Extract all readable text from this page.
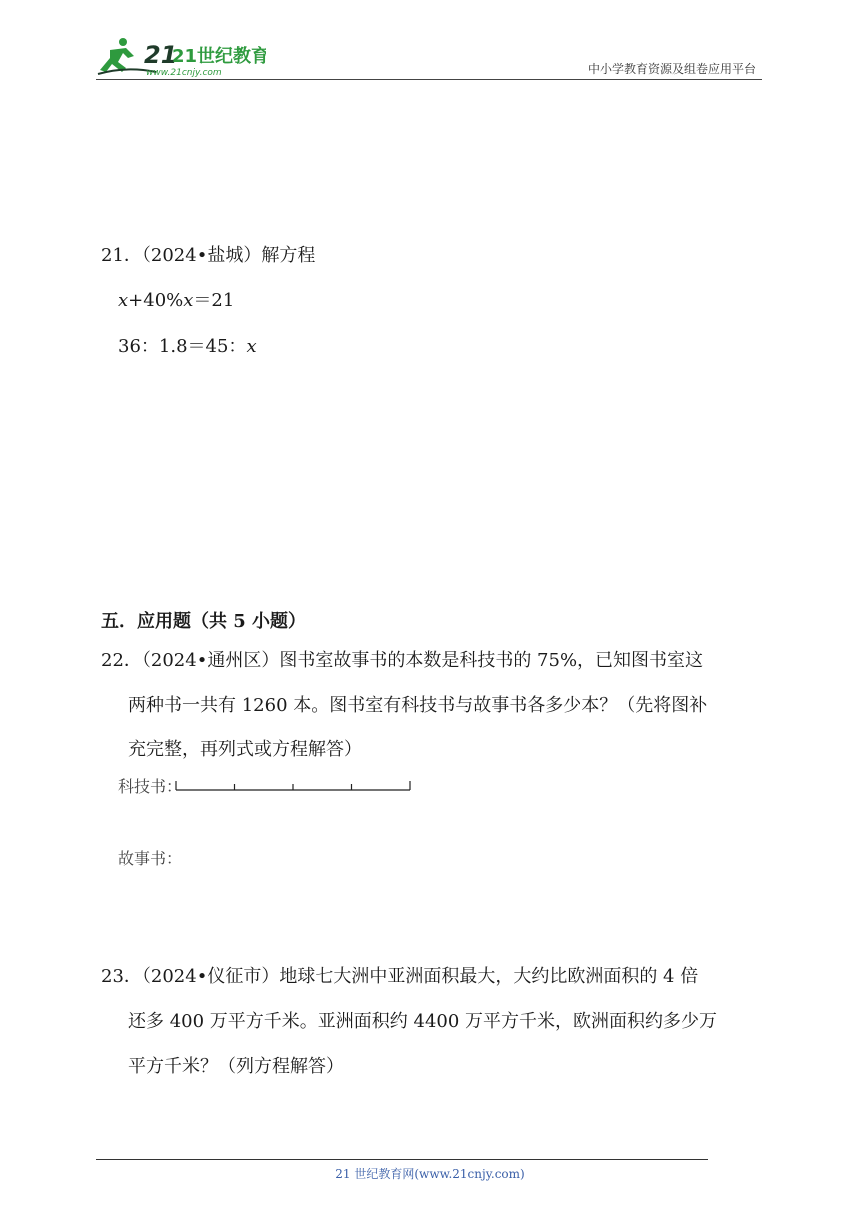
21
21世纪教育
www.21cnjy.com	中小学教育资源及组卷应用平台
21．（2024•盐城）解方程
x+40%x＝21
36：1.8＝45：x
五．应用题（共 5 小题）
22．（2024•通州区）图书室故事书的本数是科技书的 75%，已知图书室这
两种书一共有 1260 本。图书室有科技书与故事书各多少本？（先将图补
充完整，再列式或方程解答）
科技书：
故事书：
23．（2024•仪征市）地球七大洲中亚洲面积最大，大约比欧洲面积的 4 倍
还多 400 万平方千米。亚洲面积约 4400 万平方千米，欧洲面积约多少万
平方千米？（列方程解答）
21 世纪教育网(www.21cnjy.com)
